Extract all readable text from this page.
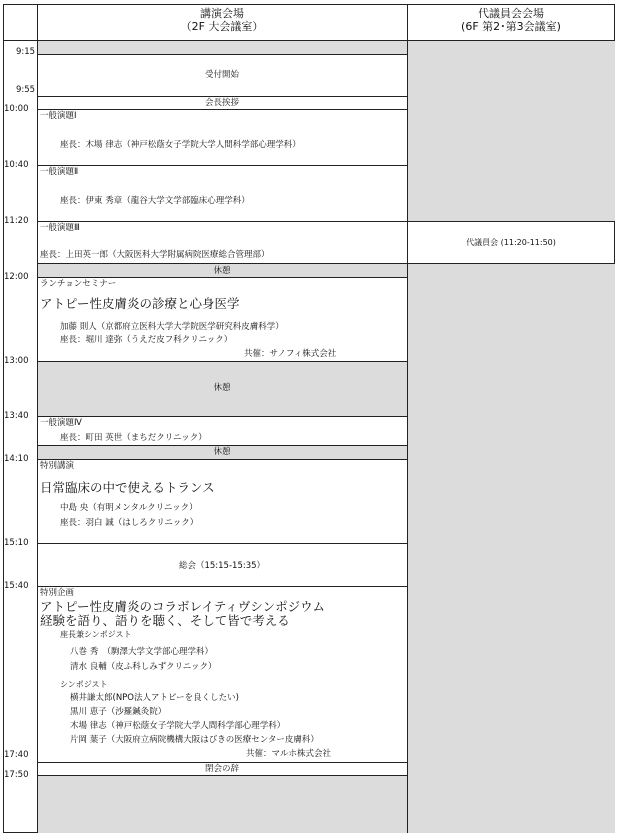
講演会場
（2F 大会議室）
代議員会会場
(6F 第2･第3会議室)
9:15
9:55
10:00
10:40
11:20
12:00
13:00
13:40
14:10
15:10
15:40
17:40
17:50
受付開始
会長挨拶
一般演題Ⅰ
座長：木場 律志（神戸松蔭女子学院大学人間科学部心理学科）
一般演題Ⅱ
座長：伊東 秀章（龍谷大学文学部臨床心理学科）
一般演題Ⅲ
座長：上田英一郎（大阪医科大学附属病院医療総合管理部）
代議員会 (11:20-11:50)
休憩
ランチョンセミナー
アトピー性皮膚炎の診療と心身医学
加藤 則人（京都府立医科大学大学院医学研究科皮膚科学）
座長：堀川 達弥（うえだ皮フ科クリニック）
共催：サノフィ株式会社
休憩
一般演題Ⅳ
座長：町田 英世（まちだクリニック）
休憩
特別講演
日常臨床の中で使えるトランス
中島 央（有明メンタルクリニック）
座長：羽白 誠（はしろクリニック）
総会（15:15-15:35）
特別企画
アトピー性皮膚炎のコラボレイティヴシンポジウム
経験を語り、語りを聴く、そして皆で考える
座長兼シンポジスト
八巻 秀　（駒澤大学文学部心理学科）
清水 良輔（皮ふ科しみずクリニック）
シンポジスト
横井謙太郎(NPO法人アトピーを良くしたい)
黒川 恵子（沙羅鍼灸院）
木場 律志（神戸松蔭女子学院大学人間科学部心理学科）
片岡 葉子（大阪府立病院機構大阪はびきの医療センター皮膚科）
共催：マルホ株式会社
閉会の辞
